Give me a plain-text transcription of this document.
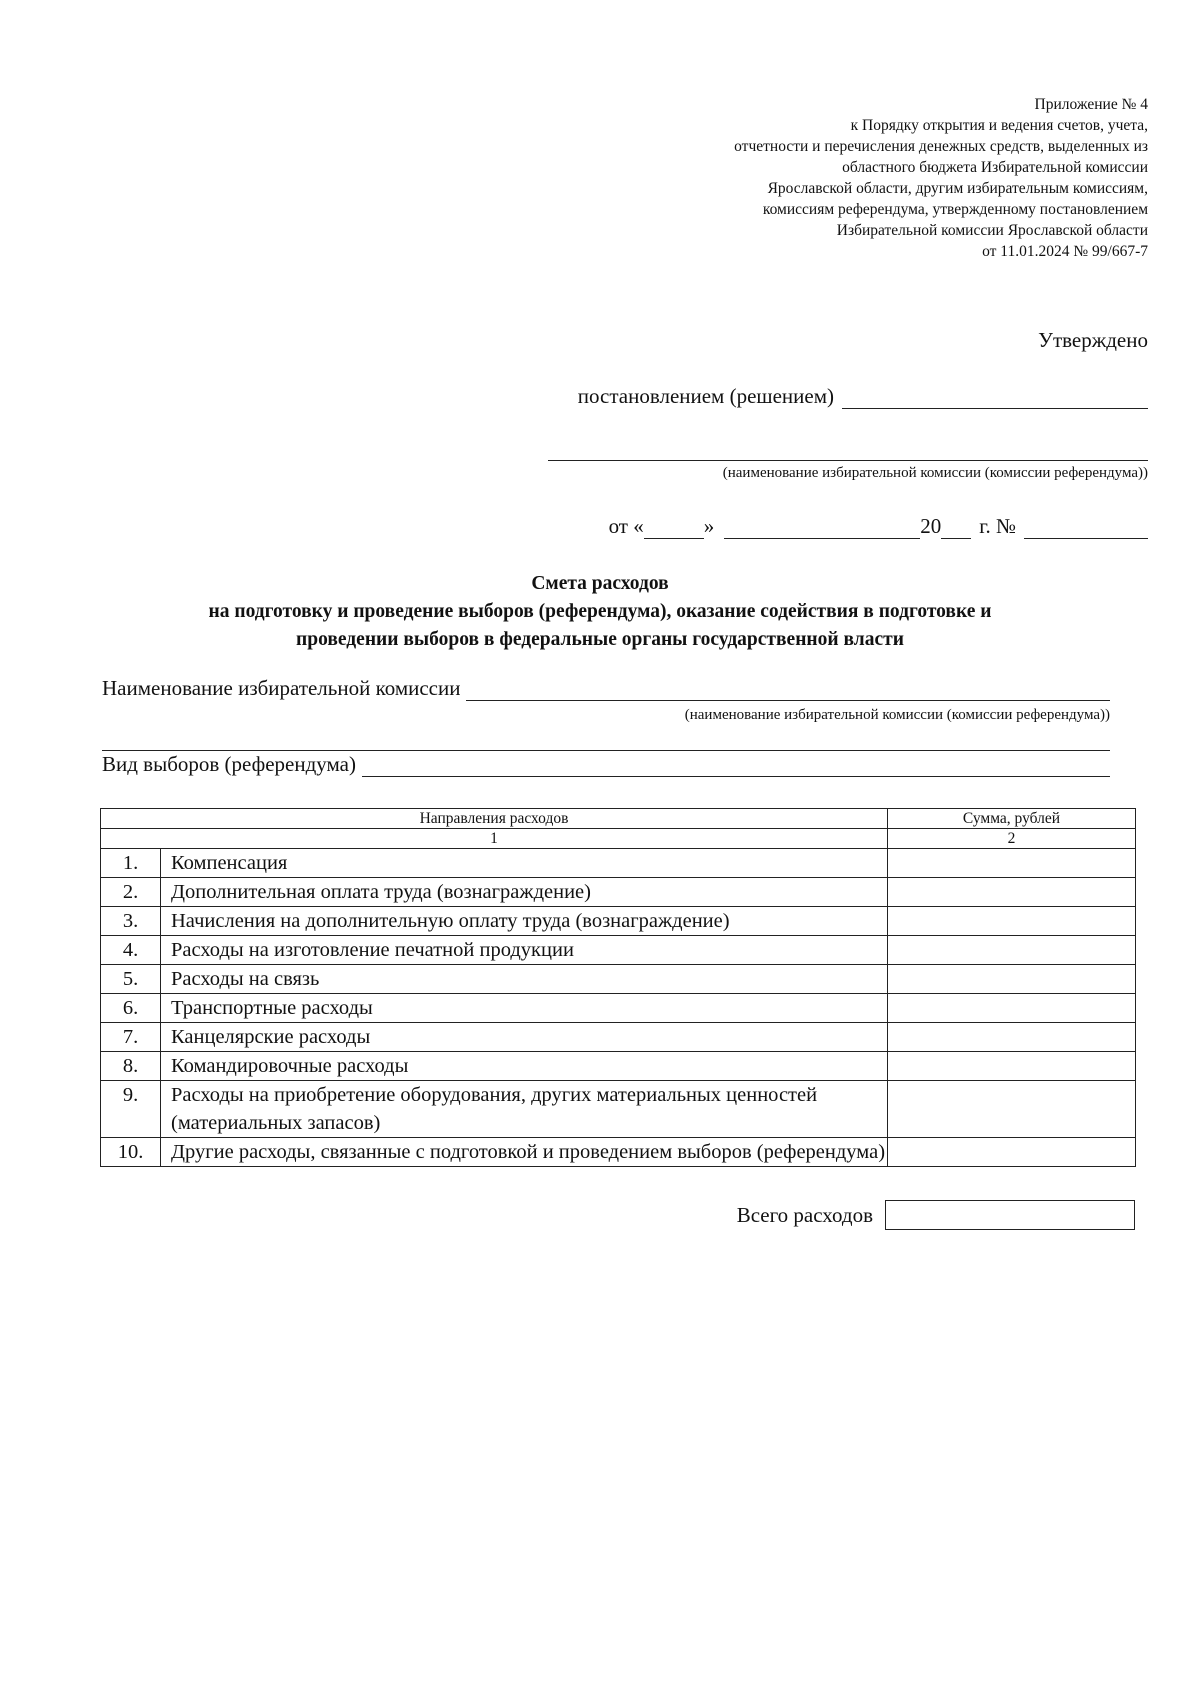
Приложение № 4
к Порядку открытия и ведения счетов, учета,
отчетности и перечисления денежных средств, выделенных из
областного бюджета Избирательной комиссии
Ярославской области, другим избирательным комиссиям,
комиссиям референдума, утвержденному постановлением
Избирательной комиссии Ярославской области
от 11.01.2024 № 99/667-7
Утверждено
постановлением (решением)
(наименование избирательной комиссии (комиссии референдума))
от «	»	20 г. №
Смета расходов
на подготовку и проведение выборов (референдума), оказание содействия в подготовке и
проведении выборов в федеральные органы государственной власти
Наименование избирательной комиссии
(наименование избирательной комиссии (комиссии референдума))
Вид выборов (референдума)
Направления расходов		Сумма, рублей
1		2
1.	Компенсация	
2.	Дополнительная оплата труда (вознаграждение)	
3.	Начисления на дополнительную оплату труда (вознаграждение)	
4.	Расходы на изготовление печатной продукции	
5.	Расходы на связь	
6.	Транспортные расходы	
7.	Канцелярские расходы	
8.	Командировочные расходы	
9.	Расходы на приобретение оборудования, других материальных ценностей (материальных запасов)	
10.	Другие расходы, связанные с подготовкой и проведением выборов (референдума)	
Всего расходов
